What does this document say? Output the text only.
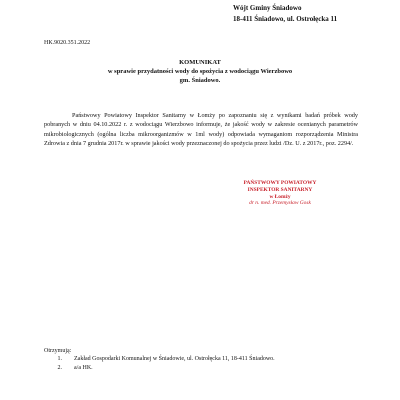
Wójt Gminy Śniadowo
18-411 Śniadowo, ul. Ostrołęcka 11
HK.9020.351.2022
KOMUNIKAT
w sprawie przydatności wody do spożycia z wodociągu Wierzbowo
gm. Śniadowo.

Państwowy Powiatowy Inspektor Sanitarny w Łomży po zapoznaniu się z wynikami badań próbek wody pobranych w dniu 04.10.2022 r. z wodociągu Wierzbowo informuje, że jakość wody w zakresie ocenianych parametrów mikrobiologicznych (ogólna liczba mikroorganizmów w 1ml wody) odpowiada wymaganiom rozporządzenia Ministra Zdrowia z dnia 7 grudnia 2017r. w sprawie jakości wody przeznaczonej do spożycia przez ludzi /Dz. U. z 2017r., poz. 2294/.

PAŃSTWOWY POWIATOWY
INSPEKTOR SANITARNY
w Łomży
dr n. med. Przemysław Gosk
Otrzymują:
1.	Zakład Gospodarki Komunalnej w Śniadowie, ul. Ostrołęcka 11, 18-411 Śniadowo.
2.	a/a HK.
